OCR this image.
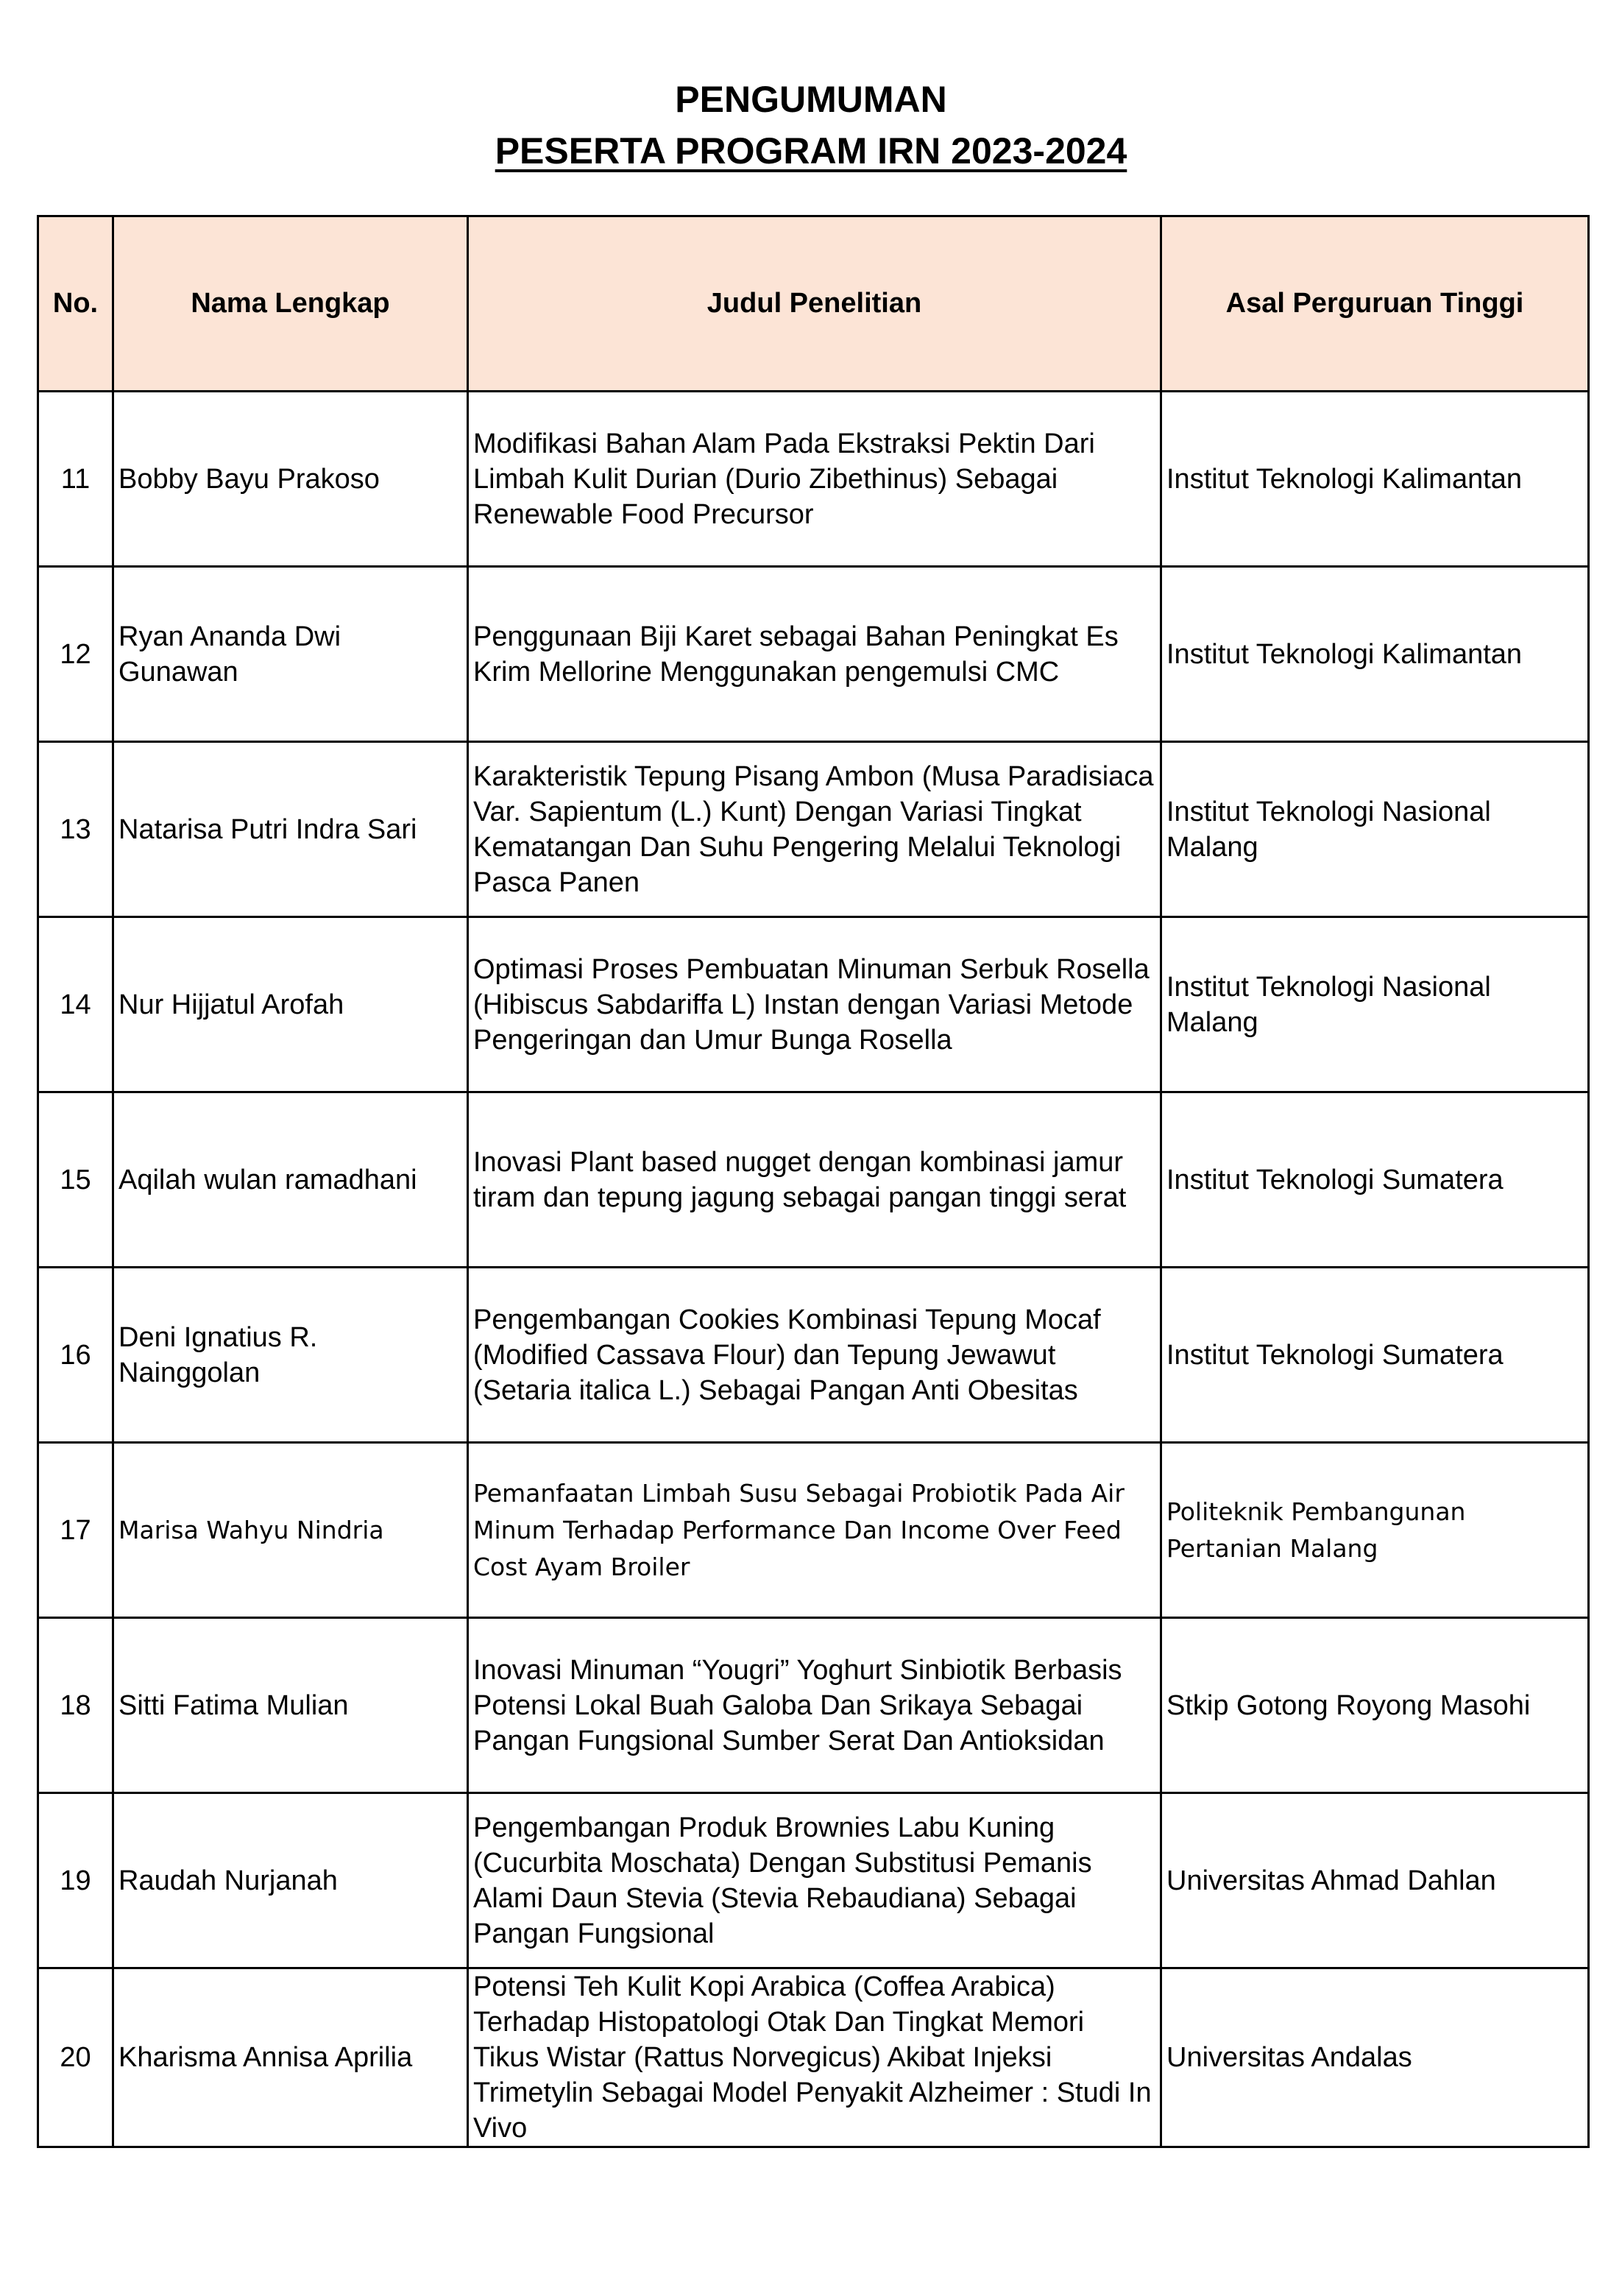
PENGUMUMAN
PESERTA PROGRAM IRN 2023-2024
No.	Nama Lengkap	Judul Penelitian	Asal Perguruan Tinggi
11	Bobby Bayu Prakoso	Modifikasi Bahan Alam Pada Ekstraksi Pektin Dari Limbah Kulit Durian (Durio Zibethinus) Sebagai Renewable Food Precursor	Institut Teknologi Kalimantan
12	Ryan Ananda Dwi Gunawan	Penggunaan Biji Karet sebagai Bahan Peningkat Es Krim Mellorine Menggunakan pengemulsi CMC	Institut Teknologi Kalimantan
13	Natarisa Putri Indra Sari	Karakteristik Tepung Pisang Ambon (Musa Paradisiaca Var. Sapientum (L.) Kunt) Dengan Variasi Tingkat Kematangan Dan Suhu Pengering Melalui Teknologi Pasca Panen	Institut Teknologi Nasional Malang
14	Nur Hijjatul Arofah	Optimasi Proses Pembuatan Minuman Serbuk Rosella (Hibiscus Sabdariffa L) Instan dengan Variasi Metode Pengeringan dan Umur Bunga Rosella	Institut Teknologi Nasional Malang
15	Aqilah wulan ramadhani	Inovasi Plant based nugget dengan kombinasi jamur tiram dan tepung jagung sebagai pangan tinggi serat	Institut Teknologi Sumatera
16	Deni Ignatius R. Nainggolan	Pengembangan Cookies Kombinasi Tepung Mocaf (Modified Cassava Flour) dan Tepung Jewawut (Setaria italica L.) Sebagai Pangan Anti Obesitas	Institut Teknologi Sumatera
17	Marisa Wahyu Nindria	Pemanfaatan Limbah Susu Sebagai Probiotik Pada Air Minum Terhadap Performance Dan Income Over Feed Cost Ayam Broiler	Politeknik Pembangunan Pertanian Malang
18	Sitti Fatima Mulian	Inovasi Minuman “Yougri” Yoghurt Sinbiotik Berbasis Potensi Lokal Buah Galoba Dan Srikaya Sebagai Pangan Fungsional Sumber Serat Dan Antioksidan	Stkip Gotong Royong Masohi
19	Raudah Nurjanah	Pengembangan Produk Brownies Labu Kuning (Cucurbita Moschata) Dengan Substitusi Pemanis Alami Daun Stevia (Stevia Rebaudiana) Sebagai Pangan Fungsional	Universitas Ahmad Dahlan
20	Kharisma Annisa Aprilia	Potensi Teh Kulit Kopi Arabica (Coffea Arabica) Terhadap Histopatologi Otak Dan Tingkat Memori Tikus Wistar (Rattus Norvegicus) Akibat Injeksi Trimetylin Sebagai Model Penyakit Alzheimer : Studi In Vivo	Universitas Andalas
